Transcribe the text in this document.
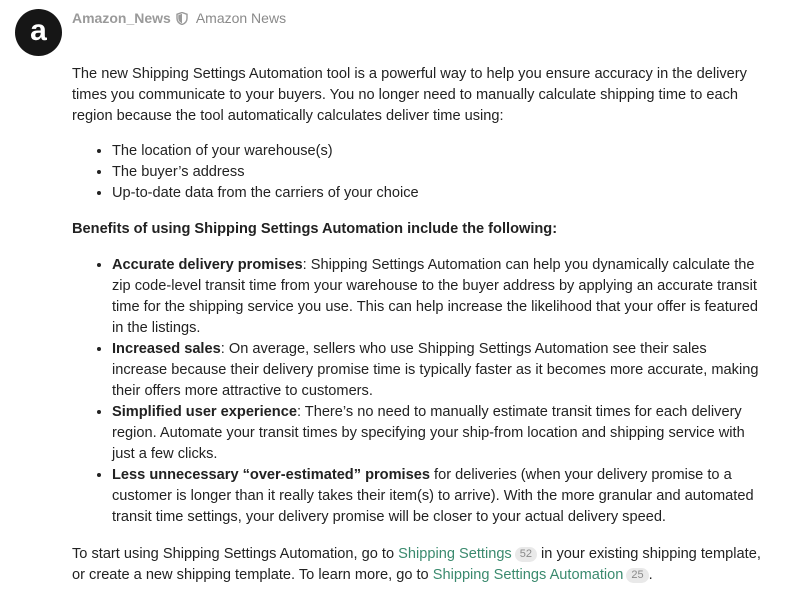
a Amazon_News Amazon News

The new Shipping Settings Automation tool is a powerful way to help you ensure accuracy in the delivery times you communicate to your buyers. You no longer need to manually calculate shipping time to each region because the tool automatically calculates deliver time using:

• The location of your warehouse(s)
• The buyer’s address
• Up-to-date data from the carriers of your choice

Benefits of using Shipping Settings Automation include the following:

• Accurate delivery promises: Shipping Settings Automation can help you dynamically calculate the zip code-level transit time from your warehouse to the buyer address by applying an accurate transit time for the shipping service you use. This can help increase the likelihood that your offer is featured in the listings.
• Increased sales: On average, sellers who use Shipping Settings Automation see their sales increase because their delivery promise time is typically faster as it becomes more accurate, making their offers more attractive to customers.
• Simplified user experience: There’s no need to manually estimate transit times for each delivery region. Automate your transit times by specifying your ship-from location and shipping service with just a few clicks.
• Less unnecessary “over-estimated” promises for deliveries (when your delivery promise to a customer is longer than it really takes their item(s) to arrive). With the more granular and automated transit time settings, your delivery promise will be closer to your actual delivery speed.

To start using Shipping Settings Automation, go to Shipping Settings 52 in your existing shipping template, or create a new shipping template. To learn more, go to Shipping Settings Automation 25 .
